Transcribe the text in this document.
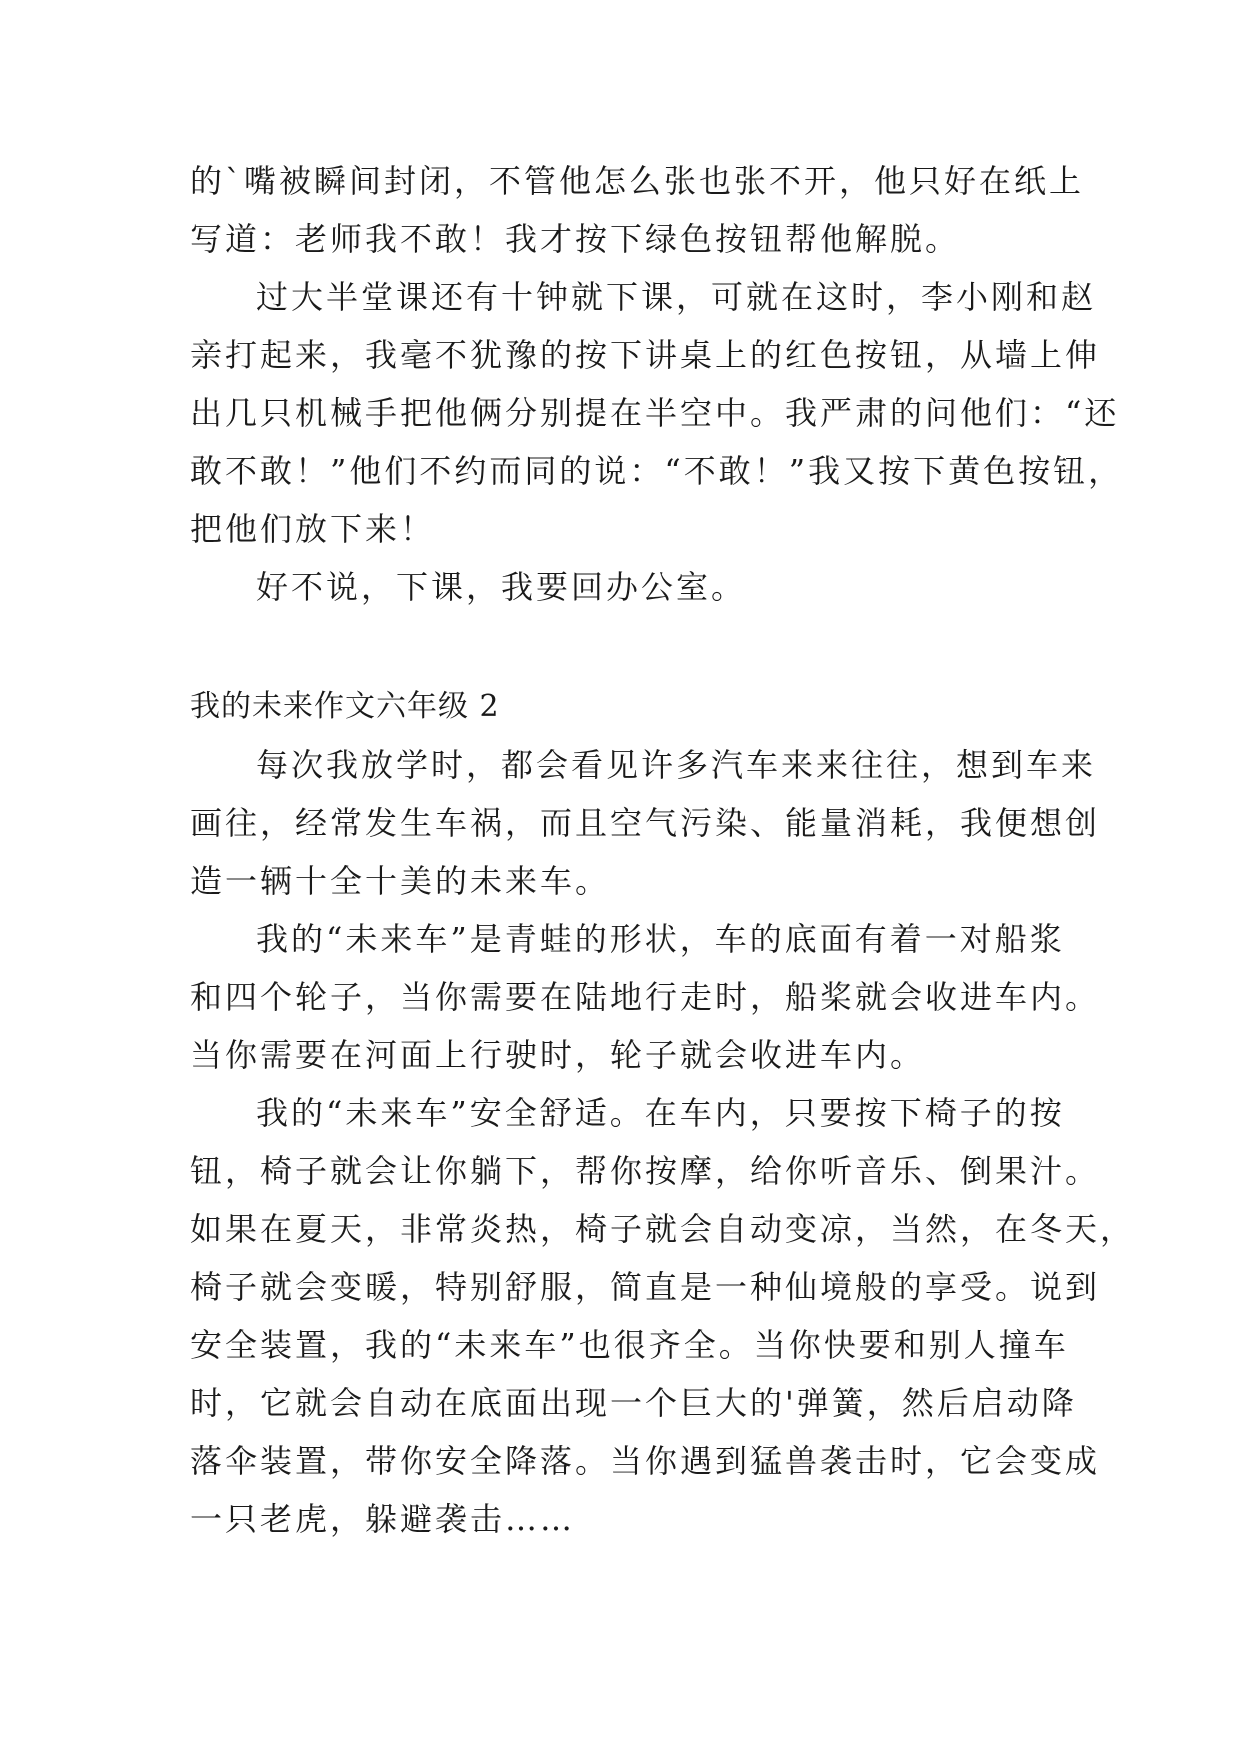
的`嘴被瞬间封闭，不管他怎么张也张不开，他只好在纸上
写道：老师我不敢！我才按下绿色按钮帮他解脱。
过大半堂课还有十钟就下课，可就在这时，李小刚和赵
亲打起来，我毫不犹豫的按下讲桌上的红色按钮，从墙上伸
出几只机械手把他俩分别提在半空中。我严肃的问他们：“还
敢不敢！”他们不约而同的说：“不敢！”我又按下黄色按钮，
把他们放下来！
好不说，下课，我要回办公室。
我的未来作文六年级 2
每次我放学时，都会看见许多汽车来来往往，想到车来
画往，经常发生车祸，而且空气污染、能量消耗，我便想创
造一辆十全十美的未来车。
我的“未来车”是青蛙的形状，车的底面有着一对船浆
和四个轮子，当你需要在陆地行走时，船桨就会收进车内。
当你需要在河面上行驶时，轮子就会收进车内。
我的“未来车”安全舒适。在车内，只要按下椅子的按
钮，椅子就会让你躺下，帮你按摩，给你听音乐、倒果汁。
如果在夏天，非常炎热，椅子就会自动变凉，当然，在冬天，
椅子就会变暖，特别舒服，简直是一种仙境般的享受。说到
安全装置，我的“未来车”也很齐全。当你快要和别人撞车
时，它就会自动在底面出现一个巨大的'弹簧，然后启动降
落伞装置，带你安全降落。当你遇到猛兽袭击时，它会变成
一只老虎，躲避袭击……
